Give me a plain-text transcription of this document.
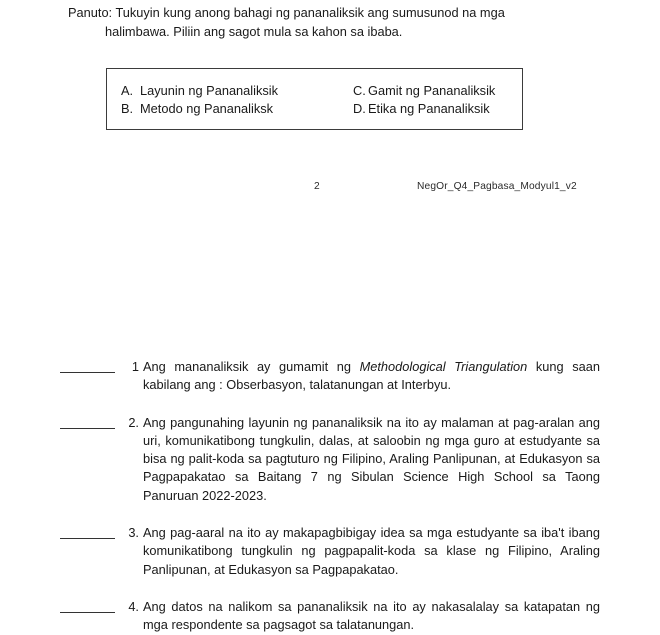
Panuto: Tukuyin kung anong bahagi ng pananaliksik ang sumusunod na mga
halimbawa. Piliin ang sagot mula sa kahon sa ibaba.
A. Layunin ng Pananaliksik	C. Gamit ng Pananaliksik
B. Metodo ng Pananaliksk	D. Etika ng Pananaliksik
2	NegOr_Q4_Pagbasa_Modyul1_v2
1 Ang mananaliksik ay gumamit ng Methodological Triangulation kung saan kabilang ang : Obserbasyon, talatanungan at Interbyu.

2. Ang pangunahing layunin ng pananaliksik na ito ay malaman at pag-aralan ang uri, komunikatibong tungkulin, dalas, at saloobin ng mga guro at estudyante sa bisa ng palit-koda sa pagtuturo ng Filipino, Araling Panlipunan, at Edukasyon sa Pagpapakatao sa Baitang 7 ng Sibulan Science High School sa Taong Panuruan 2022-2023.
3. Ang pag-aaral na ito ay makapagbibigay idea sa mga estudyante sa iba't ibang komunikatibong tungkulin ng pagpapalit-koda sa klase ng Filipino, Araling Panlipunan, at Edukasyon sa Pagpapakatao.
4. Ang datos na nalikom sa pananaliksik na ito ay nakasalalay sa katapatan ng mga respondente sa pagsagot sa talatanungan.
